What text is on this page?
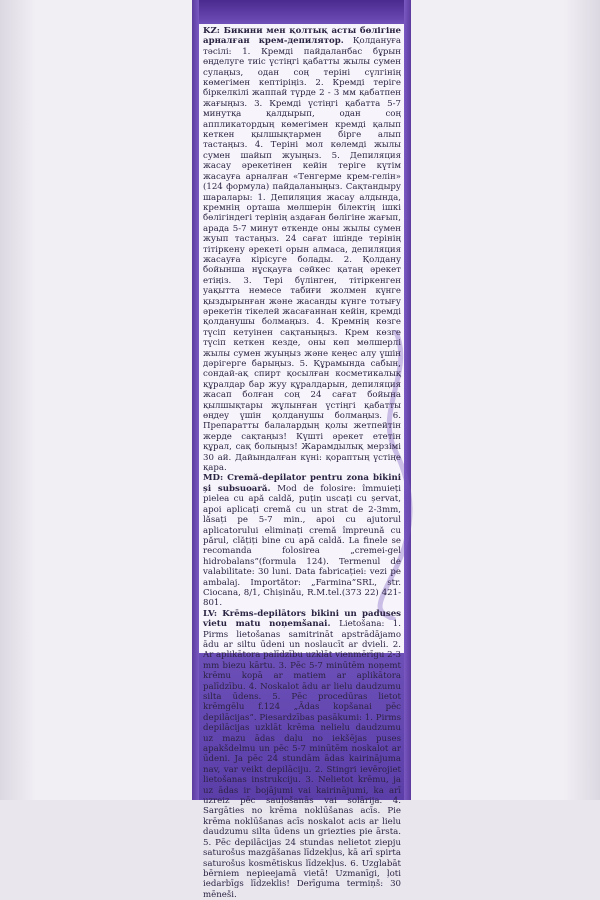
KZ: Бикини мен қолтық асты бөлігіне арналған крем-депилятор. Қолдануға тәсілі: 1. Кремді пайдаланбас бұрын өңделуге тиіс үстіңгі қабатты жылы сумен сулаңыз, одан соң терiнi сүлгінің көмегімен кептiрiңiз. 2. Кремді теріге біркелкілі жаппай түрде 2 - 3 мм қабатпен жағыңыз. 3. Кремді үстіңгі қабатта 5-7 минутқа қалдырып, одан соң аппликатордың көмегімен кремді қалып кеткен қылшықтармен бiрге алып тастаңыз. 4. Терiнi мол көлемді жылы сумен шайып жуыңыз. 5. Депиляция жасау әрекетінен кейін теріге күтім жасауға арналған «Тенгерме крем-гелін» (124 формула) пайдаланыңыз. Сақтандыру шаралары: 1. Депиляция жасау алдында, кремнің орташа мөлшерін білектің ішкі бөлігіндегі терінің аздаған бөлігіне жағып, арада 5-7 минут өткенде оны жылы сумен жуып тастаңыз. 24 сағат ішінде терінің тітіркену әрекеті орын алмаса, депиляция жасауға кірісуге болады. 2. Қолдану бойынша нұсқауға сәйкес қатаң әрекет етіңіз. 3. Тері бүлінген, тітіркенген уақытта немесе табиғи жолмен күнге қыздырынған және жасанды күнге тотығу әрекетін тікелей жасағаннан кейін, кремді қолданушы болмаңыз. 4. Кремнің көзге түсіп кетуінен сақтаныңыз. Крем көзге түсіп кеткен кезде, оны көп мөлшерлі жылы сумен жуыңыз және кеңес алу үшін дәрігерге барыңыз. 5. Құрамында сабын, сондай-ақ спирт қосылған косметикалық құралдар бар жуу құралдарын, депиляция жасап болған соң 24 сағат бойына қылшықтары жұлынған үстіңгі қабатты өңдеу үшін қолданушы болмаңыз. 6. Препаратты балалардың қолы жетпейтін жерде сақтаңыз! Күшті әрекет ететін құрал, сақ болыңыз! Жарамдылық мерзімі 30 ай. Дайындалған күні: қораптың үстіңе қара.

MD: Cremă-depilator pentru zona bikini și subsuoară. Mod de folosire: îmmuieți pielea cu apă caldă, puțin uscați cu șervat, apoi aplicați cremă cu un strat de 2-3mm, lăsați pe 5-7 min., apoi cu ajutorul aplicatorului eliminați cremă împreună cu părul, clățiți bine cu apă caldă. La finele se recomanda folosirea „cremei-gel hidrobalans”(formula 124). Termenul de valabilitate: 30 luni. Data fabricației: vezi pe ambalaj. Importător: „Farmina”SRL, str. Ciocana, 8/1, Chișinău, R.M.tel.(373 22) 421-801.

LV: Krēms-depilātors bikini un paduses vietu matu noņemšanai. Lietošana: 1. Pirms lietošanas samitrināt apstrādājamo ādu ar siltu ūdeni un noslaucīt ar dvieli. 2. Ar aplikātora palīdzību uzklāt vienmērīgu 2-3 mm biezu kārtu. 3. Pēc 5-7 minūtēm noņemt krēmu kopā ar matiem ar aplikātora palīdzību. 4. Noskalot ādu ar lielu daudzumu silta ūdens. 5. Pēc procedūras lietot krēmgēlu f.124 „Ādas kopšanai pēc depilācijas”. Piesardzības pasākumi: 1. Pirms depilācijas uzklāt krēma nelielu daudzumu uz mazu ādas daļu no iekšējas puses apakšdelmu un pēc 5-7 minūtēm noskalot ar ūdeni. Ja pēc 24 stundām ādas kairinājuma nav, var veikt depilāciju. 2. Stingri ievērojiet lietošanas instrukciju. 3. Nelietot krēmu, ja uz ādas ir bojājumi vai kairinājumi, ka arī uzreiz pēc sauļošanās vai solārija. 4. Sargāties no krēma noklūšanas acīs. Pie krēma noklūšanas acīs noskalot acis ar lielu daudzumu silta ūdens un griezties pie ārsta. 5. Pēc depilācijas 24 stundas nelietot ziepju saturošus mazgāšanas līdzekļus, kā arī spirta saturošus kosmētiskus līdzekļus. 6. Uzglabāt bērniem nepieejamā vietā! Uzmanīgi, ļoti iedarbīgs līdzeklis! Derīguma termiņš: 30 mēneši.
